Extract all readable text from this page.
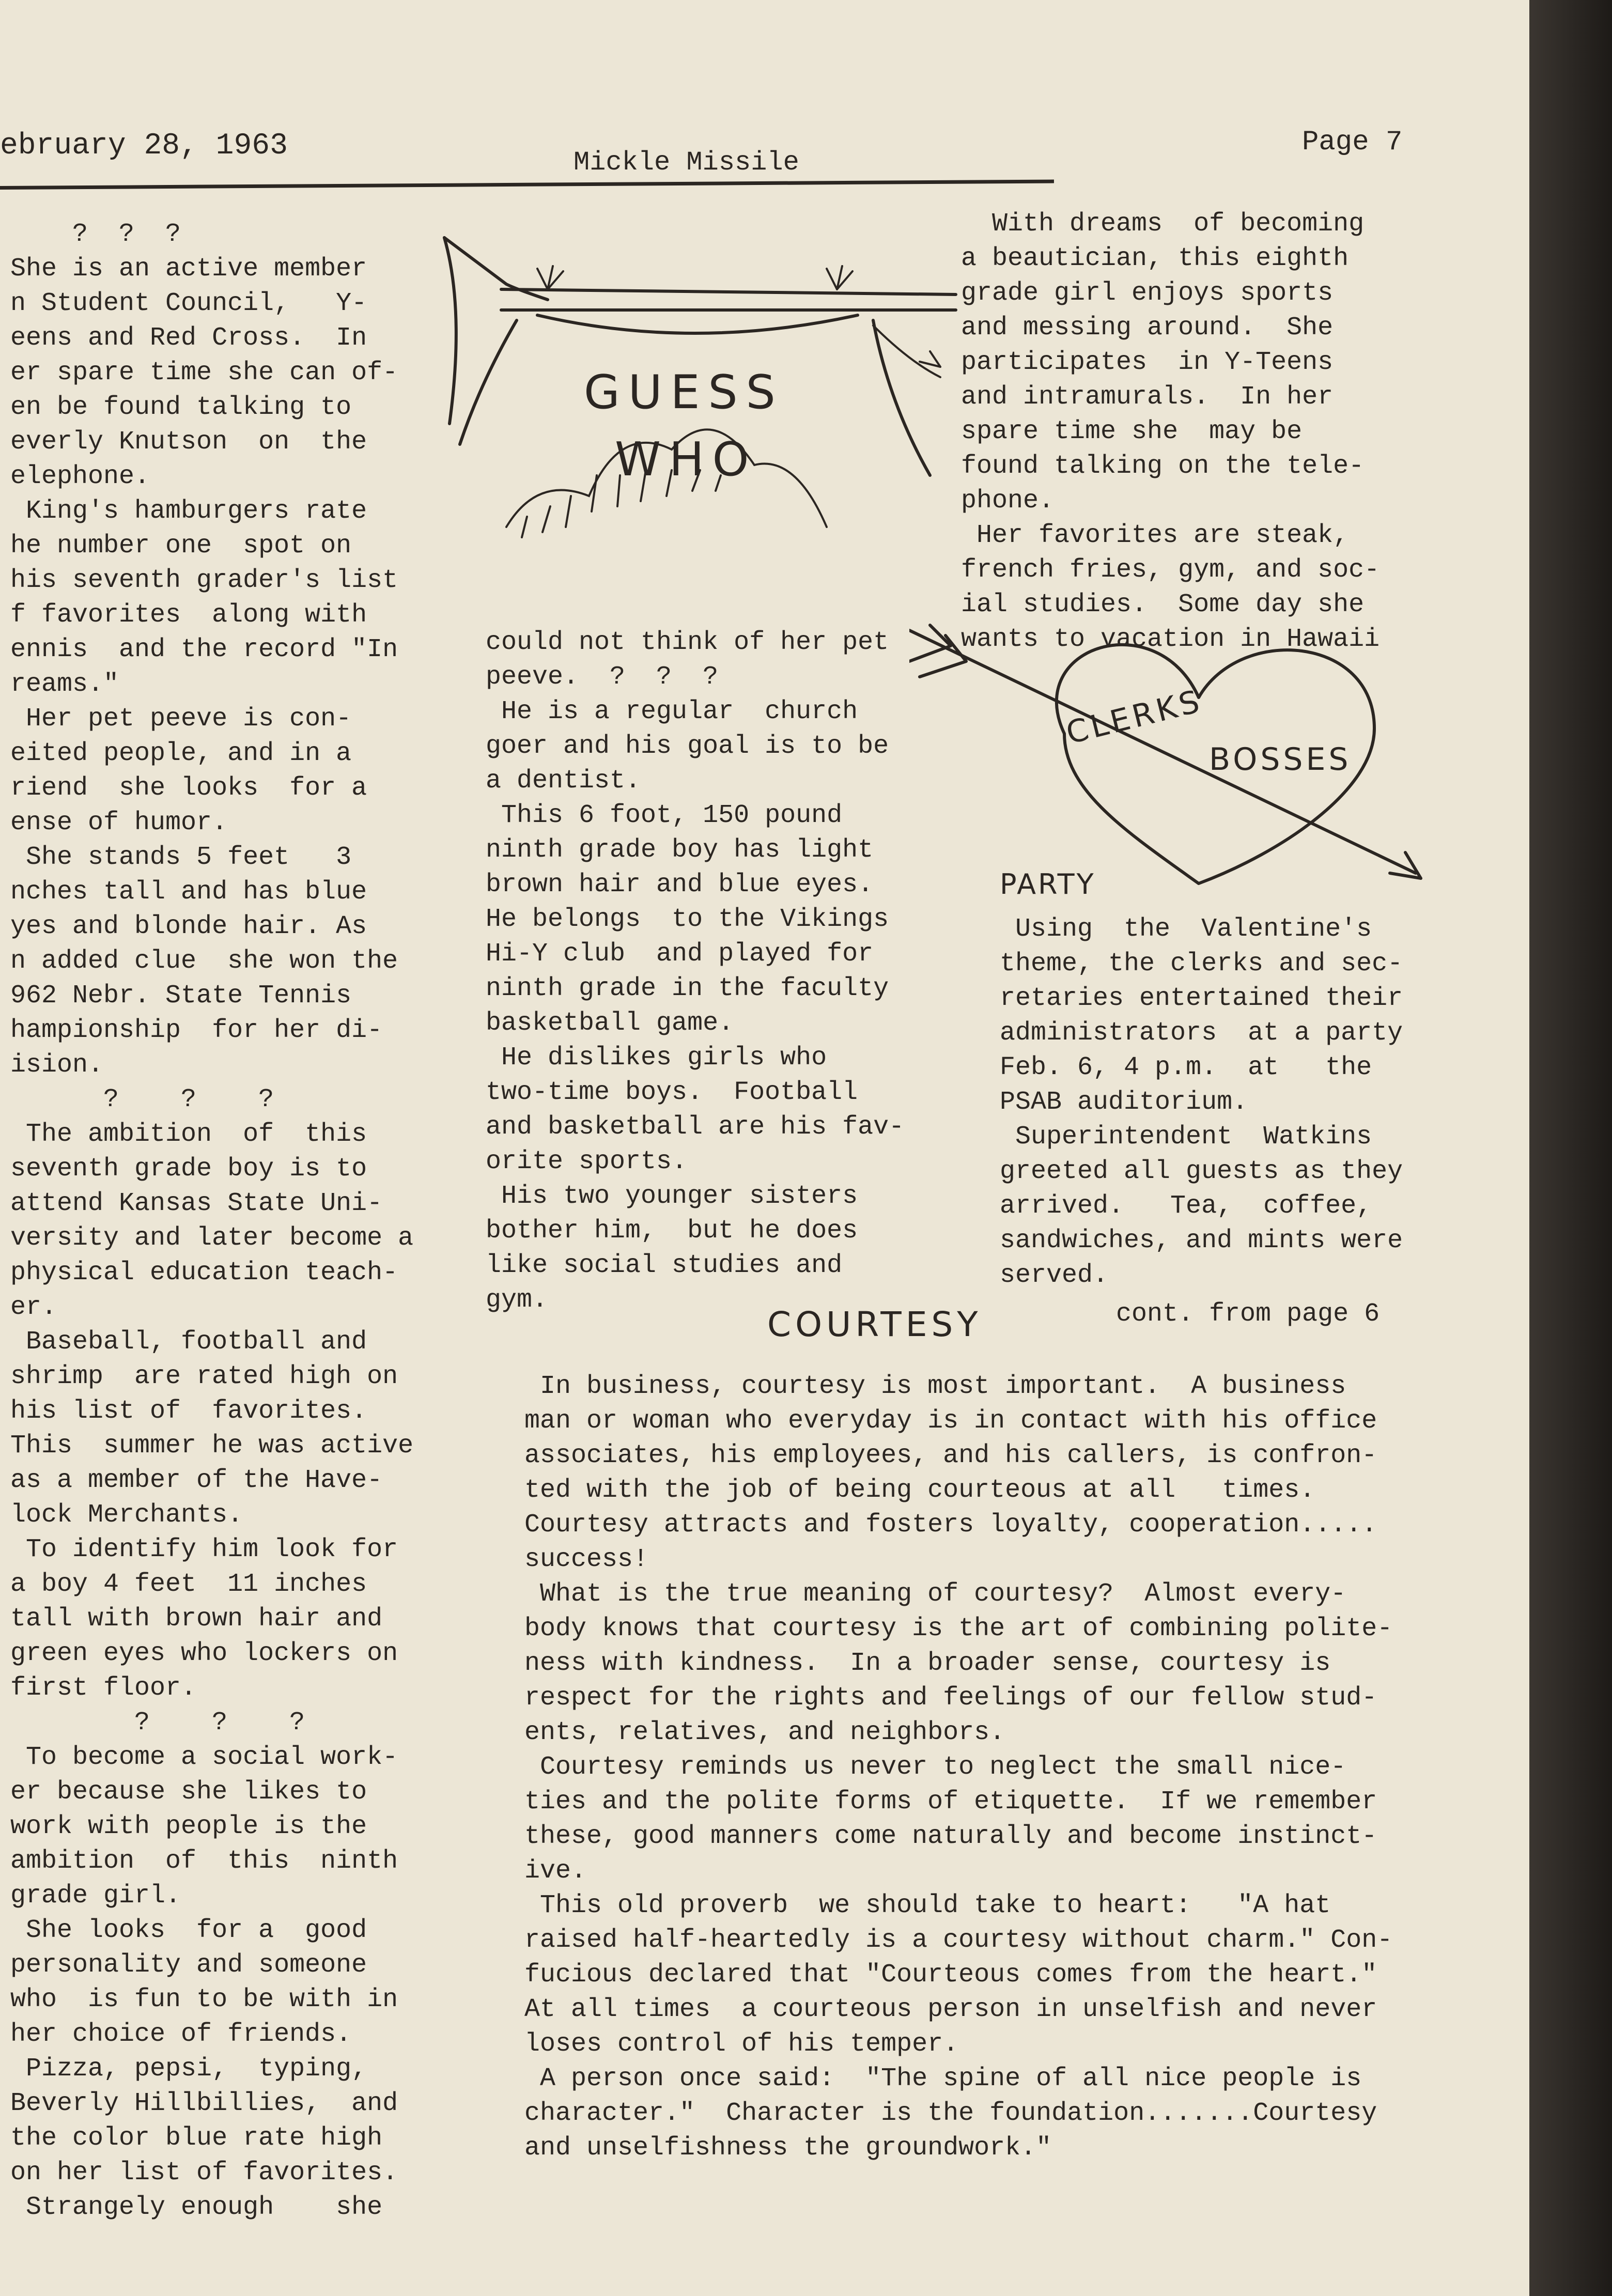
ebruary 28, 1963	Mickle Missile
Page 7
GUESS
WHO
CLERKS
BOSSES

?  ?  ?

She is an active member

n Student Council,   Y-

eens and Red Cross.  In

er spare time she can of-

en be found talking to

everly Knutson  on  the

elephone.

King's hamburgers rate

he number one  spot on

his seventh grader's list

f favorites  along with

ennis  and the record "In

reams."

Her pet peeve is con-

eited people, and in a

riend  she looks  for a

ense of humor.

She stands 5 feet   3

nches tall and has blue

yes and blonde hair. As

n added clue  she won the

962 Nebr. State Tennis

hampionship  for her di-

ision.

?    ?    ?

The ambition  of  this

seventh grade boy is to

attend Kansas State Uni-

versity and later become a

physical education teach-

er.

Baseball, football and

shrimp  are rated high on

his list of  favorites.

This  summer he was active

as a member of the Have-

lock Merchants.

To identify him look for

a boy 4 feet  11 inches

tall with brown hair and

green eyes who lockers on

first floor.

?    ?    ?

To become a social work-

er because she likes to

work with people is the

ambition  of  this  ninth

grade girl.

She looks  for a  good

personality and someone

who  is fun to be with in

her choice of friends.

Pizza, pepsi,  typing,

Beverly Hillbillies,  and

the color blue rate high

on her list of favorites.

Strangely enough    she

could not think of her pet

peeve.  ?  ?  ?

He is a regular  church

goer and his goal is to be

a dentist.

This 6 foot, 150 pound

ninth grade boy has light

brown hair and blue eyes.

He belongs  to the Vikings

Hi-Y club  and played for

ninth grade in the faculty

basketball game.

He dislikes girls who

two-time boys.  Football

and basketball are his fav-

orite sports.

His two younger sisters

bother him,  but he does

like social studies and

gym.

With dreams  of becoming

a beautician, this eighth

grade girl enjoys sports

and messing around.  She

participates  in Y-Teens

and intramurals.  In her

spare time she  may be

found talking on the tele-

phone.

Her favorites are steak,

french fries, gym, and soc-

ial studies.  Some day she

wants to vacation in Hawaii

PARTY

Using  the  Valentine's

theme, the clerks and sec-

retaries entertained their

administrators  at a party

Feb. 6, 4 p.m.  at   the

PSAB auditorium.

Superintendent  Watkins

greeted all guests as they

arrived.   Tea,  coffee,

sandwiches, and mints were

served.

COURTESY	cont. from page 6

In business, courtesy is most important.  A business

man or woman who everyday is in contact with his office

associates, his employees, and his callers, is confron-

ted with the job of being courteous at all   times.

Courtesy attracts and fosters loyalty, cooperation.....

success!

What is the true meaning of courtesy?  Almost every-

body knows that courtesy is the art of combining polite-

ness with kindness.  In a broader sense, courtesy is

respect for the rights and feelings of our fellow stud-

ents, relatives, and neighbors.

Courtesy reminds us never to neglect the small nice-

ties and the polite forms of etiquette.  If we remember

these, good manners come naturally and become instinct-

ive.

This old proverb  we should take to heart:   "A hat

raised half-heartedly is a courtesy without charm." Con-

fucious declared that "Courteous comes from the heart."

At all times  a courteous person in unselfish and never

loses control of his temper.

A person once said:  "The spine of all nice people is

character."  Character is the foundation.......Courtesy

and unselfishness the groundwork."
